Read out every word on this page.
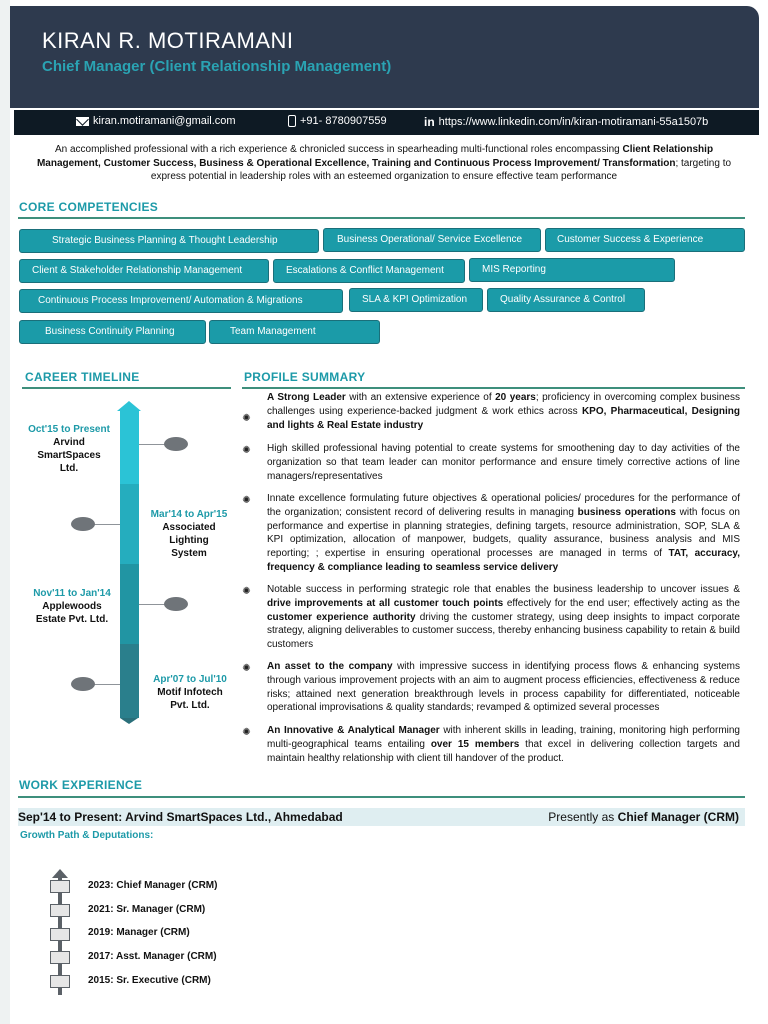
KIRAN R. MOTIRAMANI
Chief Manager (Client Relationship Management)
kiran.motiramani@gmail.com	+91- 8780907559	in https://www.linkedin.com/in/kiran-motiramani-55a1507b
An accomplished professional with a rich experience & chronicled success in spearheading multi-functional roles encompassing Client Relationship Management, Customer Success, Business & Operational Excellence, Training and Continuous Process Improvement/ Transformation; targeting to express potential in leadership roles with an esteemed organization to ensure effective team performance
CORE COMPETENCIES
Strategic Business Planning & Thought Leadership	Business Operational/ Service Excellence	Customer Success & Experience
Client & Stakeholder Relationship Management	Escalations & Conflict Management	MIS Reporting
Continuous Process Improvement/ Automation & Migrations	SLA & KPI Optimization	Quality Assurance & Control
Business Continuity Planning	Team Management
CAREER TIMELINE
Oct'15 to Present
Arvind SmartSpaces Ltd.
Mar'14 to Apr'15
Associated Lighting System
Nov'11 to Jan'14
Applewoods Estate Pvt. Ltd.
Apr'07 to Jul'10
Motif Infotech Pvt. Ltd.
PROFILE SUMMARY
✺
A Strong Leader with an extensive experience of 20 years; proficiency in overcoming complex business challenges using experience-backed judgment & work ethics across KPO, Pharmaceutical, Designing and lights & Real Estate industry
✺ High skilled professional having potential to create systems for smoothening day to day activities of the organization so that team leader can monitor performance and ensure timely corrective actions of line managers/representatives
✺ Innate excellence formulating future objectives & operational policies/ procedures for the performance of the organization; consistent record of delivering results in managing business operations with focus on performance and expertise in planning strategies, defining targets, resource administration, SOP, SLA & KPI optimization, allocation of manpower, budgets, quality assurance, business analysis and MIS reporting; ; expertise in ensuring operational processes are managed in terms of TAT, accuracy, frequency & compliance leading to seamless service delivery
✺ Notable success in performing strategic role that enables the business leadership to uncover issues & drive improvements at all customer touch points effectively for the end user; effectively acting as the customer experience authority driving the customer strategy, using deep insights to impact corporate strategy, aligning deliverables to customer success, thereby enhancing business capability to retain & build customers
✺ An asset to the company with impressive success in identifying process flows & enhancing systems through various improvement projects with an aim to augment process efficiencies, effectiveness & reduce risks; attained next generation breakthrough levels in process capability for differentiated, noticeable operational improvisations & quality standards; revamped & optimized several processes
✺ An Innovative & Analytical Manager with inherent skills in leading, training, monitoring high performing multi-geographical teams entailing over 15 members that excel in delivering collection targets and maintain healthy relationship with client till handover of the product.
WORK EXPERIENCE
Sep'14 to Present: Arvind SmartSpaces Ltd., Ahmedabad	Presently as Chief Manager (CRM)
Growth Path & Deputations:
2023: Chief Manager (CRM)
2021: Sr. Manager (CRM)
2019: Manager (CRM)
2017: Asst. Manager (CRM)
2015: Sr. Executive (CRM)
